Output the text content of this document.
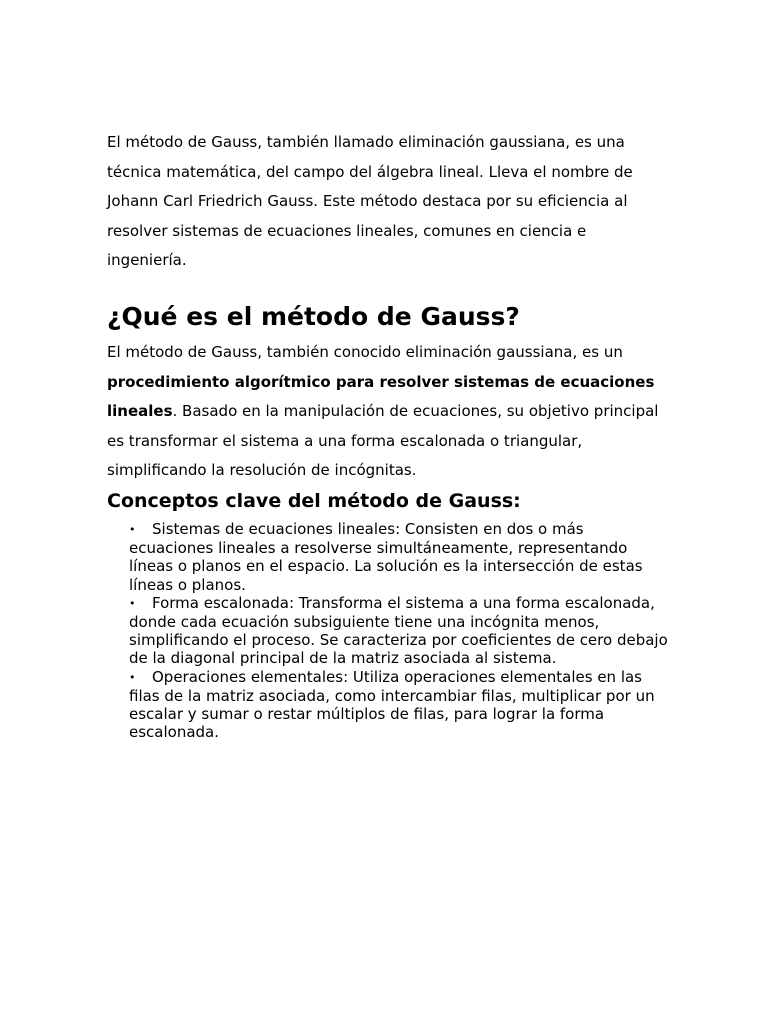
El método de Gauss, también llamado eliminación gaussiana, es una técnica matemática, del campo del álgebra lineal. Lleva el nombre de Johann Carl Friedrich Gauss. Este método destaca por su eficiencia al resolver sistemas de ecuaciones lineales, comunes en ciencia e ingeniería.

¿Qué es el método de Gauss?

El método de Gauss, también conocido eliminación gaussiana, es un procedimiento algorítmico para resolver sistemas de ecuaciones lineales. Basado en la manipulación de ecuaciones, su objetivo principal es transformar el sistema a una forma escalonada o triangular, simplificando la resolución de incógnitas.

Conceptos clave del método de Gauss:
• Sistemas de ecuaciones lineales: Consisten en dos o más ecuaciones lineales a resolverse simultáneamente, representando líneas o planos en el espacio. La solución es la intersección de estas líneas o planos.
• Forma escalonada: Transforma el sistema a una forma escalonada, donde cada ecuación subsiguiente tiene una incógnita menos, simplificando el proceso. Se caracteriza por coeficientes de cero debajo de la diagonal principal de la matriz asociada al sistema.
• Operaciones elementales: Utiliza operaciones elementales en las filas de la matriz asociada, como intercambiar filas, multiplicar por un escalar y sumar o restar múltiplos de filas, para lograr la forma escalonada.
